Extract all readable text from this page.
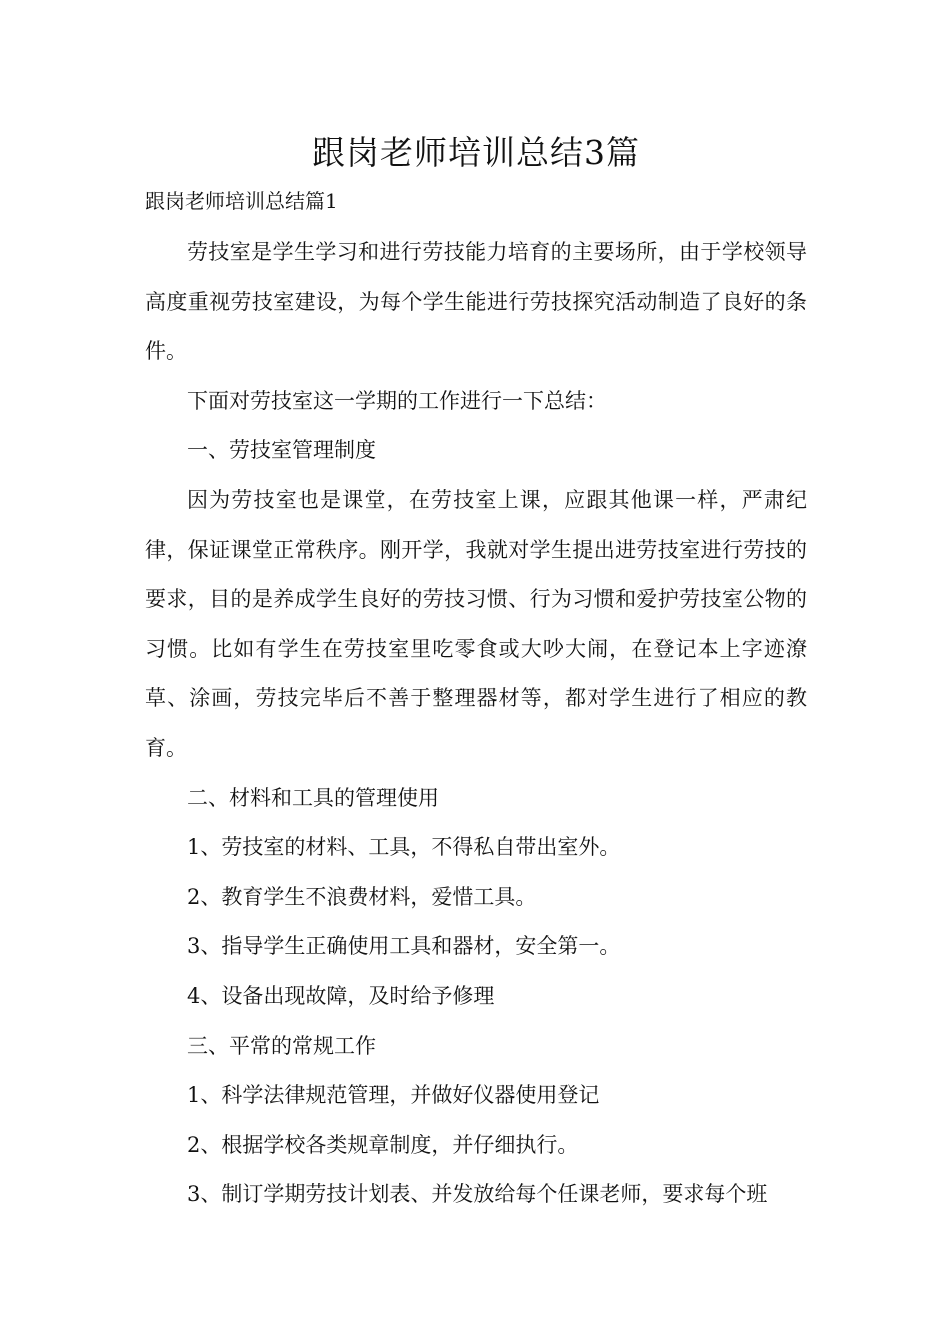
跟岗老师培训总结3篇

跟岗老师培训总结篇1

劳技室是学生学习和进行劳技能力培育的主要场所，由于学校领导高度重视劳技室建设，为每个学生能进行劳技探究活动制造了良好的条件。

下面对劳技室这一学期的工作进行一下总结：

一、劳技室管理制度

因为劳技室也是课堂，在劳技室上课，应跟其他课一样，严肃纪律，保证课堂正常秩序。刚开学，我就对学生提出进劳技室进行劳技的要求，目的是养成学生良好的劳技习惯、行为习惯和爱护劳技室公物的习惯。比如有学生在劳技室里吃零食或大吵大闹，在登记本上字迹潦草、涂画，劳技完毕后不善于整理器材等，都对学生进行了相应的教育。

二、材料和工具的管理使用

1、劳技室的材料、工具，不得私自带出室外。

2、教育学生不浪费材料，爱惜工具。

3、指导学生正确使用工具和器材，安全第一。

4、设备出现故障，及时给予修理

三、平常的常规工作

1、科学法律规范管理，并做好仪器使用登记

2、根据学校各类规章制度，并仔细执行。

3、制订学期劳技计划表、并发放给每个任课老师，要求每个班
